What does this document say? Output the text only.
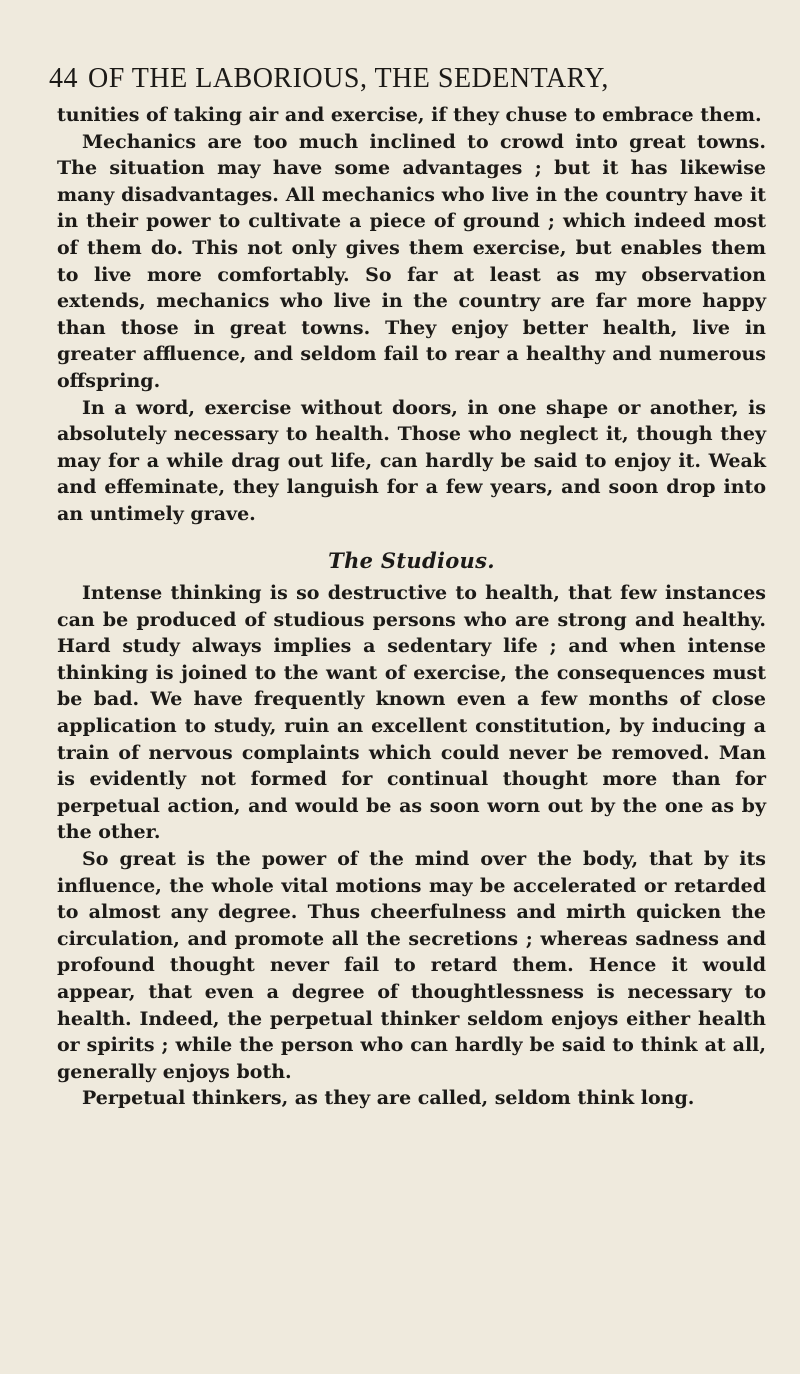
44 OF THE LABORIOUS, THE SEDENTARY,

tunities of taking air and exercise, if they chuse to embrace them.

Mechanics are too much inclined to crowd into great towns. The situation may have some advantages ; but it has likewise many disadvantages. All mechanics who live in the country have it in their power to cultivate a piece of ground ; which indeed most of them do. This not only gives them exercise, but enables them to live more comfortably. So far at least as my observation extends, mechanics who live in the country are far more happy than those in great towns. They enjoy better health, live in greater affluence, and seldom fail to rear a healthy and numerous offspring.

In a word, exercise without doors, in one shape or another, is absolutely necessary to health. Those who neglect it, though they may for a while drag out life, can hardly be said to enjoy it. Weak and effeminate, they languish for a few years, and soon drop into an untimely grave.

The Studious.

Intense thinking is so destructive to health, that few instances can be produced of studious persons who are strong and healthy. Hard study always implies a sedentary life ; and when intense thinking is joined to the want of exercise, the consequences must be bad. We have frequently known even a few months of close application to study, ruin an excellent constitution, by inducing a train of nervous complaints which could never be removed. Man is evidently not formed for continual thought more than for perpetual action, and would be as soon worn out by the one as by the other.

So great is the power of the mind over the body, that by its influence, the whole vital motions may be accelerated or retarded to almost any degree. Thus cheerfulness and mirth quicken the circulation, and promote all the secretions ; whereas sadness and profound thought never fail to retard them. Hence it would appear, that even a degree of thoughtlessness is necessary to health. Indeed, the perpetual thinker seldom enjoys either health or spirits ; while the person who can hardly be said to think at all, generally enjoys both.

Perpetual thinkers, as they are called, seldom think long.
